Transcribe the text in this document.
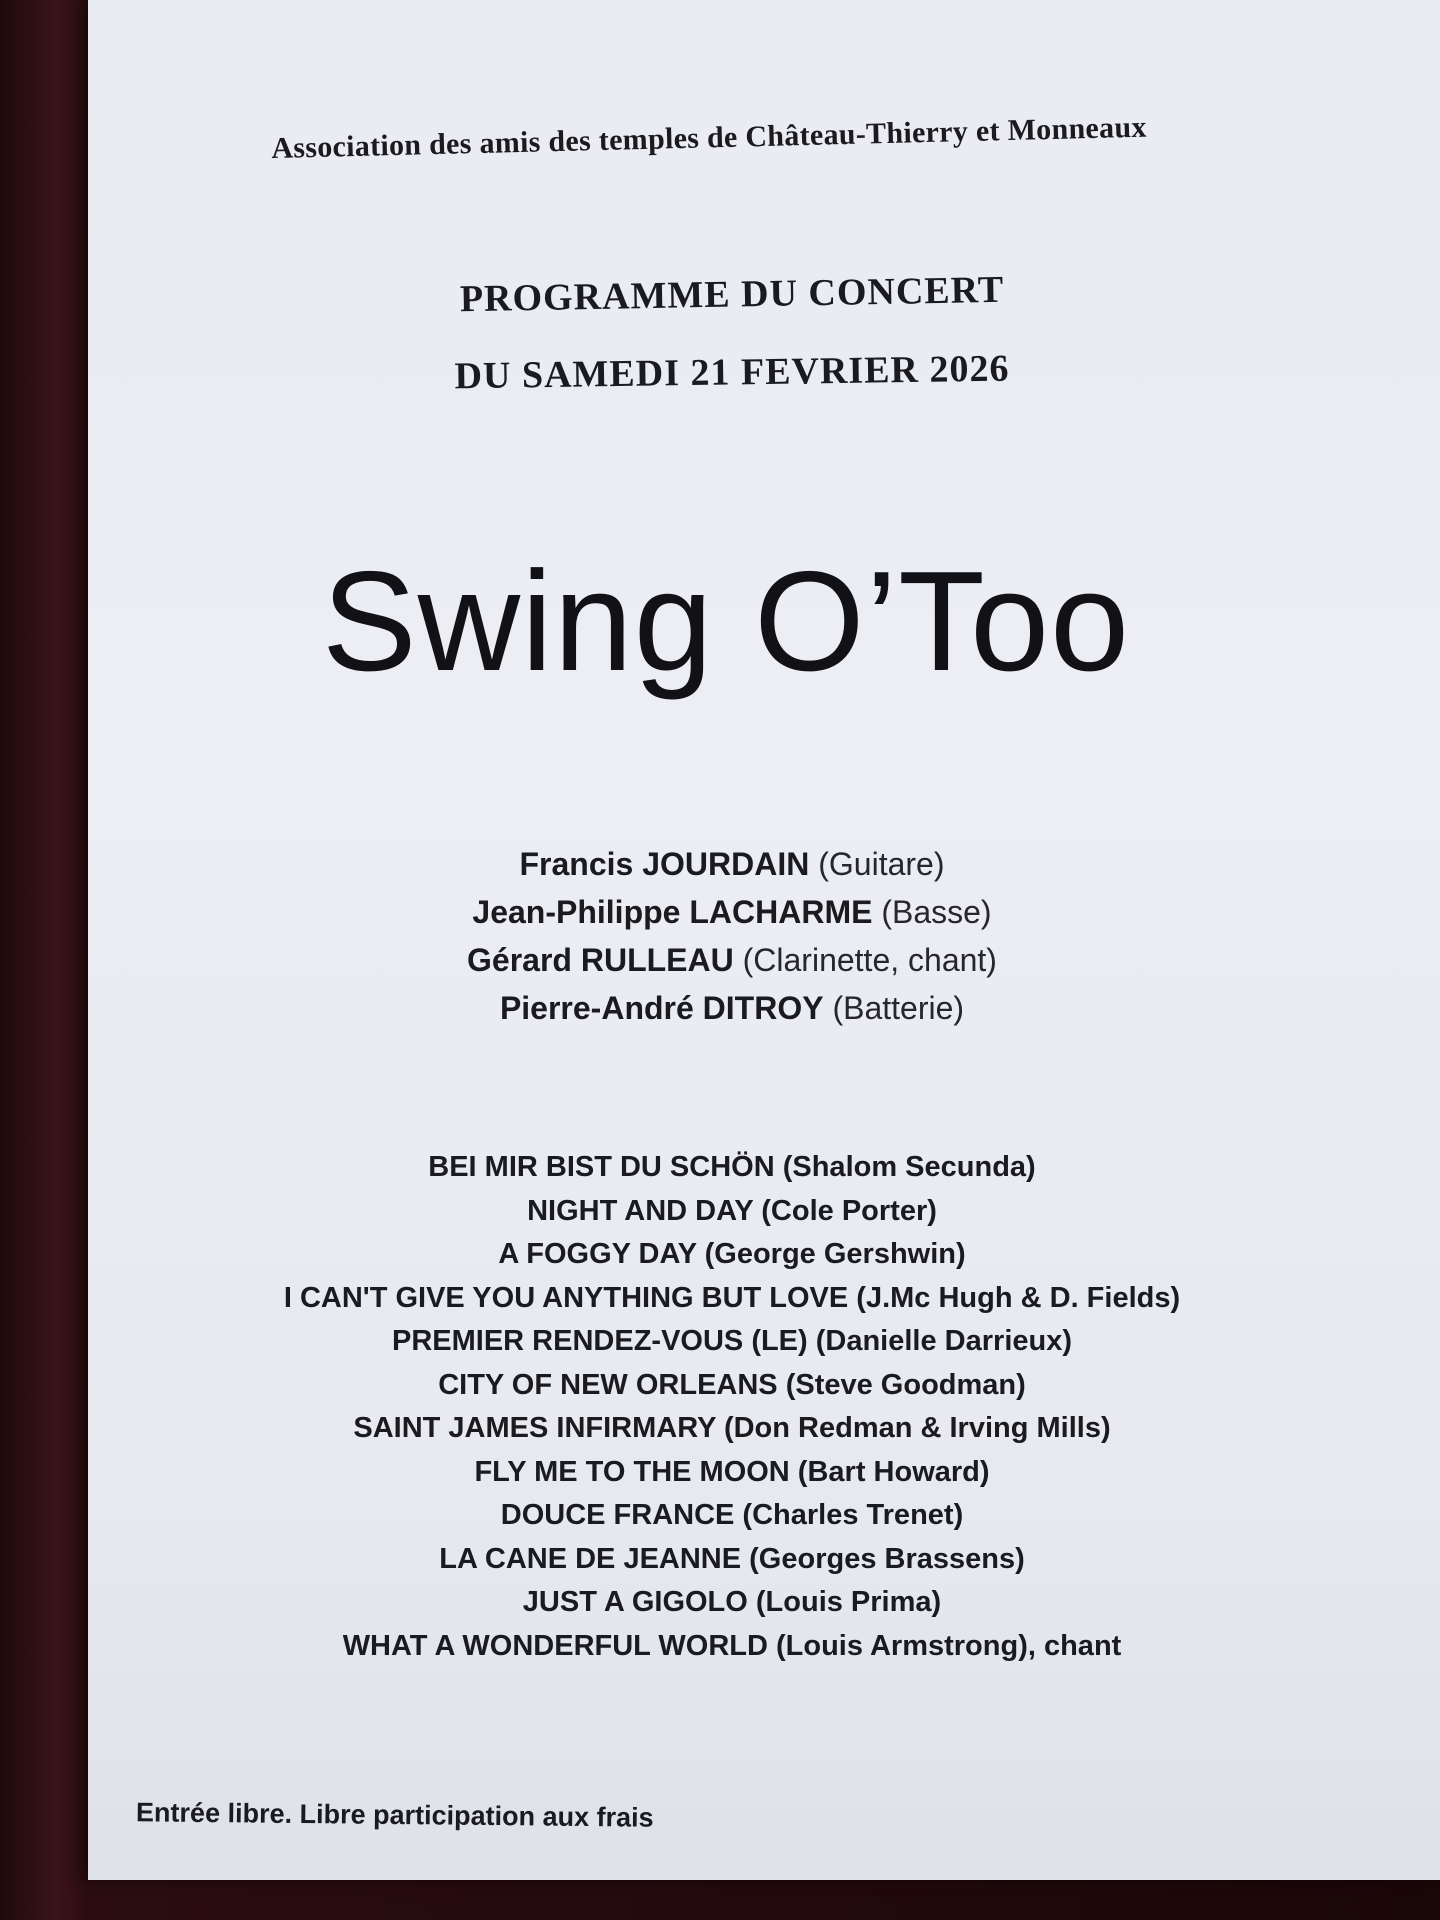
Association des amis des temples de Château-Thierry et Monneaux
PROGRAMME DU CONCERT
DU SAMEDI 21 FEVRIER 2026
Swing O’Too
Francis JOURDAIN (Guitare)
Jean-Philippe LACHARME (Basse)
Gérard RULLEAU (Clarinette, chant)
Pierre-André DITROY (Batterie)
BEI MIR BIST DU SCHÖN (Shalom Secunda)
NIGHT AND DAY (Cole Porter)
A FOGGY DAY (George Gershwin)
I CAN'T GIVE YOU ANYTHING BUT LOVE (J.Mc Hugh & D. Fields)
PREMIER RENDEZ-VOUS (LE) (Danielle Darrieux)
CITY OF NEW ORLEANS (Steve Goodman)
SAINT JAMES INFIRMARY (Don Redman & Irving Mills)
FLY ME TO THE MOON (Bart Howard)
DOUCE FRANCE (Charles Trenet)
LA CANE DE JEANNE (Georges Brassens)
JUST A GIGOLO (Louis Prima)
WHAT A WONDERFUL WORLD (Louis Armstrong), chant
Entrée libre. Libre participation aux frais
